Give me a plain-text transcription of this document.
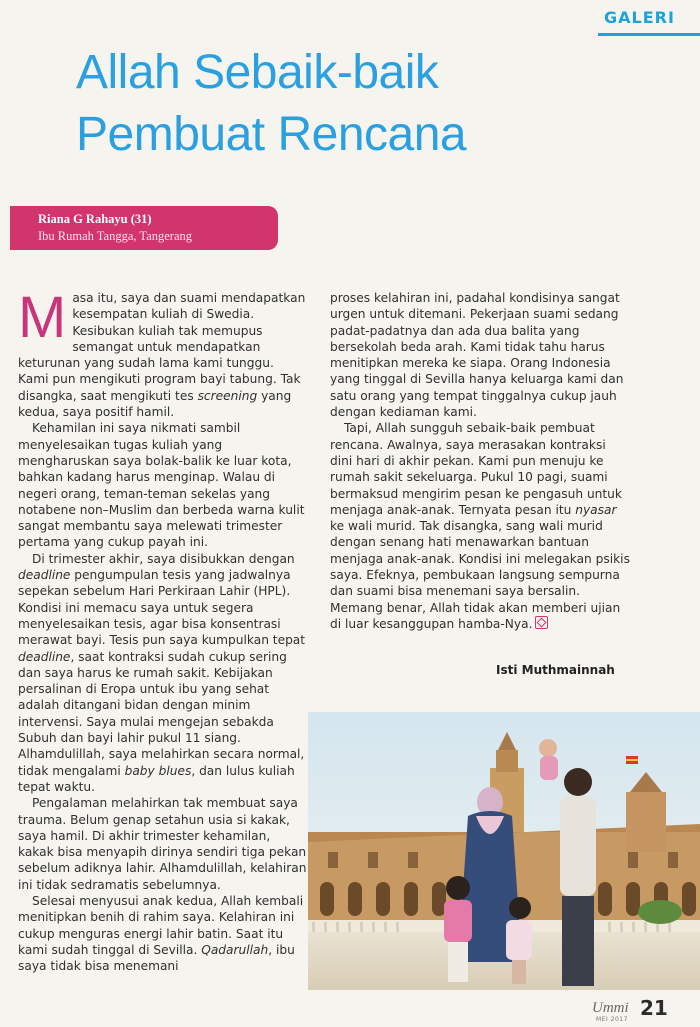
GALERI
Allah Sebaik-baik
Pembuat Rencana
Riana G Rahayu (31)
Ibu Rumah Tangga, Tangerang

Masa itu, saya dan suami mendapatkan kesempatan kuliah di Swedia. Kesibukan kuliah tak memupus semangat untuk mendapatkan keturunan yang sudah lama kami tunggu. Kami pun mengikuti program bayi tabung. Tak disangka, saat mengikuti tes screening yang kedua, saya positif hamil.

Kehamilan ini saya nikmati sambil menyelesaikan tugas kuliah yang mengharuskan saya bolak-balik ke luar kota, bahkan kadang harus menginap. Walau di negeri orang, teman-teman sekelas yang notabene non–Muslim dan berbeda warna kulit sangat membantu saya melewati trimester pertama yang cukup payah ini.

Di trimester akhir, saya disibukkan dengan deadline pengumpulan tesis yang jadwalnya sepekan sebelum Hari Perkiraan Lahir (HPL). Kondisi ini memacu saya untuk segera menyelesaikan tesis, agar bisa konsentrasi merawat bayi. Tesis pun saya kumpulkan tepat deadline, saat kontraksi sudah cukup sering dan saya harus ke rumah sakit. Kebijakan persalinan di Eropa untuk ibu yang sehat adalah ditangani bidan dengan minim intervensi. Saya mulai mengejan sebakda Subuh dan bayi lahir pukul 11 siang. Alhamdulillah, saya melahirkan secara normal, tidak mengalami baby blues, dan lulus kuliah tepat waktu.

Pengalaman melahirkan tak membuat saya trauma. Belum genap setahun usia si kakak, saya hamil. Di akhir trimester kehamilan, kakak bisa menyapih dirinya sendiri tiga pekan sebelum adiknya lahir. Alhamdulillah, kelahiran ini tidak sedramatis sebelumnya.

Selesai menyusui anak kedua, Allah kembali menitipkan benih di rahim saya. Kelahiran ini cukup menguras energi lahir batin. Saat itu kami sudah tinggal di Sevilla. Qadarullah, ibu saya tidak bisa menemani

proses kelahiran ini, padahal kondisinya sangat urgen untuk ditemani. Pekerjaan suami sedang padat-padatnya dan ada dua balita yang bersekolah beda arah. Kami tidak tahu harus menitipkan mereka ke siapa. Orang Indonesia yang tinggal di Sevilla hanya keluarga kami dan satu orang yang tempat tinggalnya cukup jauh dengan kediaman kami.

Tapi, Allah sungguh sebaik-baik pembuat rencana. Awalnya, saya merasakan kontraksi dini hari di akhir pekan. Kami pun menuju ke rumah sakit sekeluarga. Pukul 10 pagi, suami bermaksud mengirim pesan ke pengasuh untuk menjaga anak-anak. Ternyata pesan itu nyasar ke wali murid. Tak disangka, sang wali murid dengan senang hati menawarkan bantuan menjaga anak-anak. Kondisi ini melegakan psikis saya. Efeknya, pembukaan langsung sempurna dan suami bisa menemani saya bersalin. Memang benar, Allah tidak akan memberi ujian di luar kesanggupan hamba-Nya.

Isti Muthmainnah
Ummi
MEI 2017 21
